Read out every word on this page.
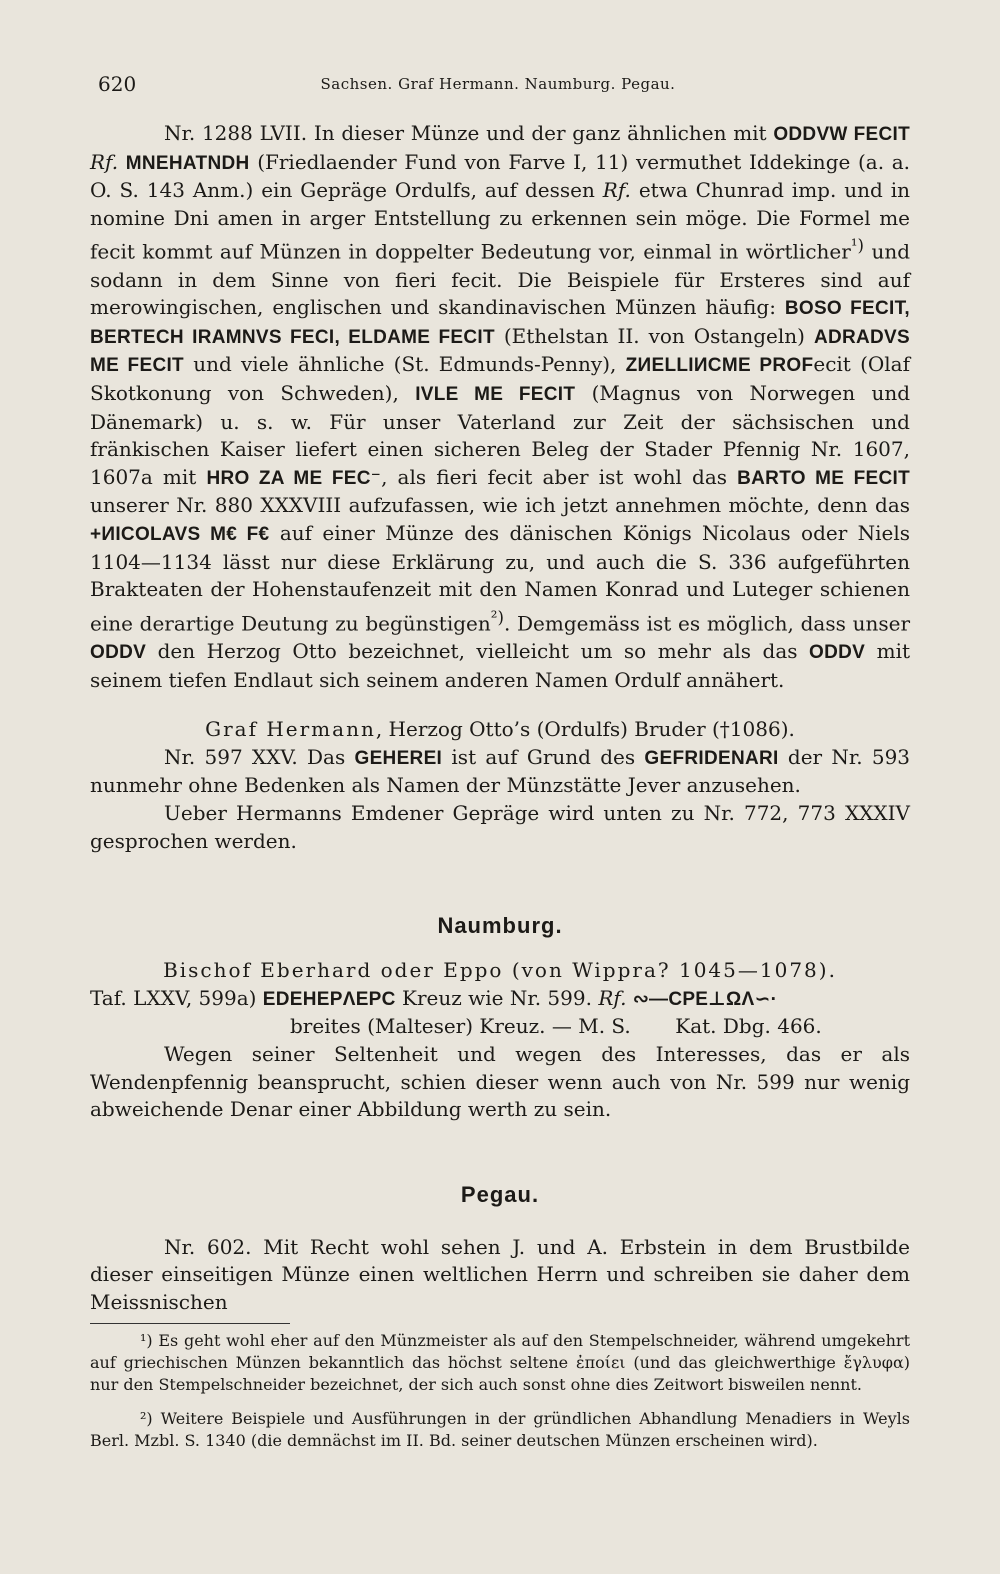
620	Sachsen. Graf Hermann. Naumburg. Pegau.

Nr. 1288 LVII. In dieser Münze und der ganz ähnlichen mit ODDVW FECIT Rf. MNEHATNDH (Friedlaender Fund von Farve I, 11) vermuthet Iddekinge (a. a. O. S. 143 Anm.) ein Gepräge Ordulfs, auf dessen Rf. etwa Chunrad imp. und in nomine Dni amen in arger Entstellung zu erkennen sein möge. Die Formel me fecit kommt auf Münzen in doppelter Bedeutung vor, einmal in wörtlicher$^{^1)}$ und sodann in dem Sinne von fieri fecit. Die Beispiele für Ersteres sind auf merowingischen, englischen und skandinavischen Münzen häufig: BOSO FECIT, BERTECH IRAMNVS FECI, ELDAME FECIT (Ethelstan II. von Ostangeln) ADRADVS ME FECIT und viele ähnliche (St. Edmunds-Penny), ZИELLIИCME PROFecit (Olaf Skotkonung von Schweden), IVLE ME FECIT (Magnus von Norwegen und Dänemark) u. s. w. Für unser Vaterland zur Zeit der sächsischen und fränkischen Kaiser liefert einen sicheren Beleg der Stader Pfennig Nr. 1607, 1607a mit HRO ZA ME FEC⁻, als fieri fecit aber ist wohl das BARTO ME FECIT unserer Nr. 880 XXXVIII aufzufassen, wie ich jetzt annehmen möchte, denn das +ИICOLAVS M€ F€ auf einer Münze des dänischen Königs Nicolaus oder Niels 1104—1134 lässt nur diese Erklärung zu, und auch die S. 336 aufgeführten Brakteaten der Hohenstaufenzeit mit den Namen Konrad und Luteger schienen eine derartige Deutung zu begünstigen$^{^2)}$. Demgemäss ist es möglich, dass unser ODDV den Herzog Otto bezeichnet, vielleicht um so mehr als das ODDV mit seinem tiefen Endlaut sich seinem anderen Namen Ordulf annähert.

Graf Hermann, Herzog Otto’s (Ordulfs) Bruder (†1086).

Nr. 597 XXV. Das GEHEREI ist auf Grund des GEFRIDENARI der Nr. 593 nunmehr ohne Bedenken als Namen der Münzstätte Jever anzusehen.

Ueber Hermanns Emdener Gepräge wird unten zu Nr. 772, 773 XXXIV gesprochen werden.

Naumburg.

Bischof Eberhard oder Eppo (von Wippra? 1045—1078).

Taf. LXXV, 599a) EDEHEPΛEPC Kreuz wie Nr. 599. Rf. ∾—CPE⊥ΩΛ∽·

breites (Malteser) Kreuz. — M. S.       Kat. Dbg. 466.

Wegen seiner Seltenheit und wegen des Interesses, das er als Wendenpfennig beansprucht, schien dieser wenn auch von Nr. 599 nur wenig abweichende Denar einer Abbildung werth zu sein.

Pegau.

Nr. 602. Mit Recht wohl sehen J. und A. Erbstein in dem Brustbilde dieser einseitigen Münze einen weltlichen Herrn und schreiben sie daher dem Meissnischen

¹) Es geht wohl eher auf den Münzmeister als auf den Stempelschneider, während umgekehrt auf griechischen Münzen bekanntlich das höchst seltene ἐποίει (und das gleichwerthige ἔγλυφα) nur den Stempelschneider bezeichnet, der sich auch sonst ohne dies Zeitwort bisweilen nennt.

²) Weitere Beispiele und Ausführungen in der gründlichen Abhandlung Menadiers in Weyls Berl. Mzbl. S. 1340 (die demnächst im II. Bd. seiner deutschen Münzen erscheinen wird).
